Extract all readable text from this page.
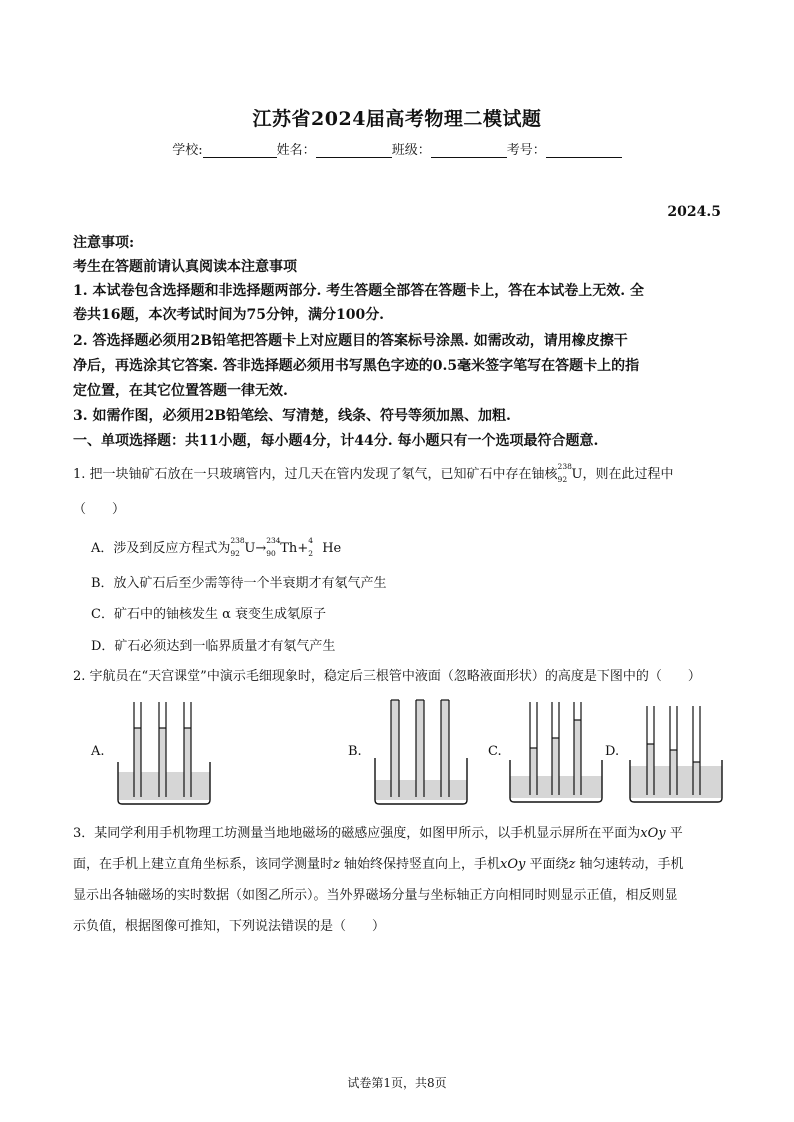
江苏省2024届高考物理二模试题
学校:	姓名：	班级：	考号：
2024.5
注意事项:
考生在答题前请认真阅读本注意事项
1. 本试卷包含选择题和非选择题两部分. 考生答题全部答在答题卡上，答在本试卷上无效. 全
卷共16题，本次考试时间为75分钟，满分100分.
2. 答选择题必须用2B铅笔把答题卡上对应题目的答案标号涂黑. 如需改动，请用橡皮擦干
净后，再选涂其它答案. 答非选择题必须用书写黑色字迹的0.5毫米签字笔写在答题卡上的指
定位置，在其它位置答题一律无效.
3. 如需作图，必须用2B铅笔绘、写清楚，线条、符号等须加黑、加粗.
一、单项选择题：共11小题，每小题4分，计44分. 每小题只有一个选项最符合题意.
1. 把一块铀矿石放在一只玻璃管内，过几天在管内发现了氡气，已知矿石中存在铀核
238
92 U，则在此过程中
（　　）
A．涉及到反应方程式为
238
92 U→
234
90 Th+
4
2 He
B．放入矿石后至少需等待一个半衰期才有氡气产生
C．矿石中的铀核发生 α 衰变生成氡原子
D．矿石必须达到一临界质量才有氡气产生
2. 宇航员在“天宫课堂”中演示毛细现象时，稳定后三根管中液面（忽略液面形状）的高度是下图中的（　　）
A.	B.	C.	D.
3．某同学利用手机物理工坊测量当地地磁场的磁感应强度，如图甲所示，以手机显示屏所在平面为xOy 平
面，在手机上建立直角坐标系，该同学测量时z 轴始终保持竖直向上，手机xOy 平面绕z 轴匀速转动，手机
显示出各轴磁场的实时数据（如图乙所示）。当外界磁场分量与坐标轴正方向相同时则显示正值，相反则显
示负值，根据图像可推知，下列说法错误的是（　　）
试卷第1页，共8页
